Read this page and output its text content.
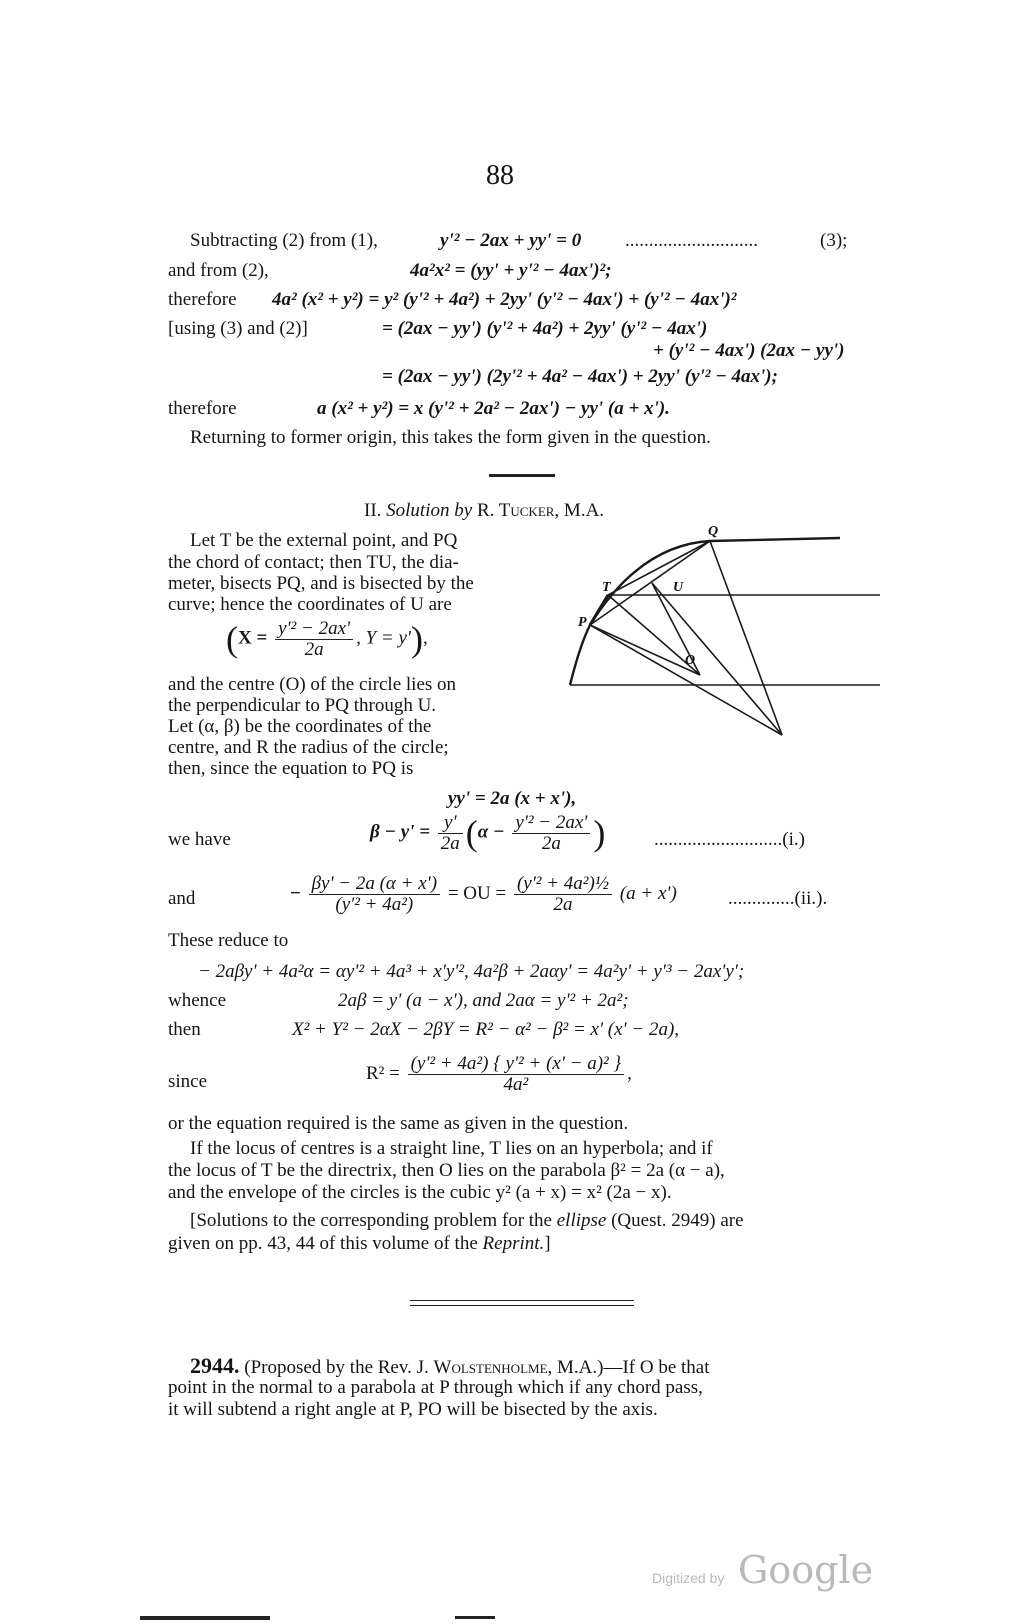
88
Subtracting (2) from (1),	y'² − 2ax + yy' = 0 ............................	(3);
and from (2),	4a²x² = (yy' + y'² − 4ax')²;
therefore 4a² (x² + y²) = y² (y'² + 4a²) + 2yy' (y'² − 4ax') + (y'² − 4ax')²
[using (3) and (2)]	= (2ax − yy') (y'² + 4a²) + 2yy' (y'² − 4ax')
+ (y'² − 4ax') (2ax − yy')
= (2ax − yy') (2y'² + 4a² − 4ax') + 2yy' (y'² − 4ax');
therefore	a (x² + y²) = x (y'² + 2a² − 2ax') − yy' (a + x').
Returning to former origin, this takes the form given in the question.
II. Solution by R. Tucker, M.A.
Let T be the external point, and PQ
the chord of contact; then TU, the dia-
meter, bisects PQ, and is bisected by the
curve; hence the coordinates of U are
($X = \frac{\text{y'² − 2ax'}}{2a}$ , Y = y'),
and the centre (O) of the circle lies on
the perpendicular to PQ through U.
Let (α, β) be the coordinates of the
centre, and R the radius of the circle;
then, since the equation to PQ is
Q
T	U
P
O
yy' = 2a (x + x'),
we have	$\beta - y' = \frac{y'}{2a} (\alpha - \frac{\text{y'² − 2ax'}}{2a}$ )	...........................(i.)
and	− $\frac{\beta y' - 2a (\alpha + x')}{\text{(y'² + 4a²)}}$ = OU = $\frac{\text{(y'² + 4a²)½}}{2a} (a + x')$	..............(ii.).
These reduce to
− 2aβy' + 4a²α = αy'² + 4a³ + x'y'², 4a²β + 2aαy' = 4a²y' + y'³ − 2ax'y';
whence	2aβ = y' (a − x'), and 2aα = y'² + 2a²;
then	X² + Y² − 2αX − 2βY = R² − α² − β² = x' (x' − 2a),
since	$R^2 = \frac{\text{(y'² + 4a²) \{ y'² + (x' − a)² \}}}{\text{4a²}}$ ,
or the equation required is the same as given in the question.
If the locus of centres is a straight line, T lies on an hyperbola; and if
the locus of T be the directrix, then O lies on the parabola β² = 2a (α − a),
and the envelope of the circles is the cubic y² (a + x) = x² (2a − x).
[Solutions to the corresponding problem for the ellipse (Quest. 2949) are
given on pp. 43, 44 of this volume of the Reprint.]
2944. (Proposed by the Rev. J. Wolstenholme, M.A.)—If O be that
point in the normal to a parabola at P through which if any chord pass,
it will subtend a right angle at P, PO will be bisected by the axis.
Digitized by Google
